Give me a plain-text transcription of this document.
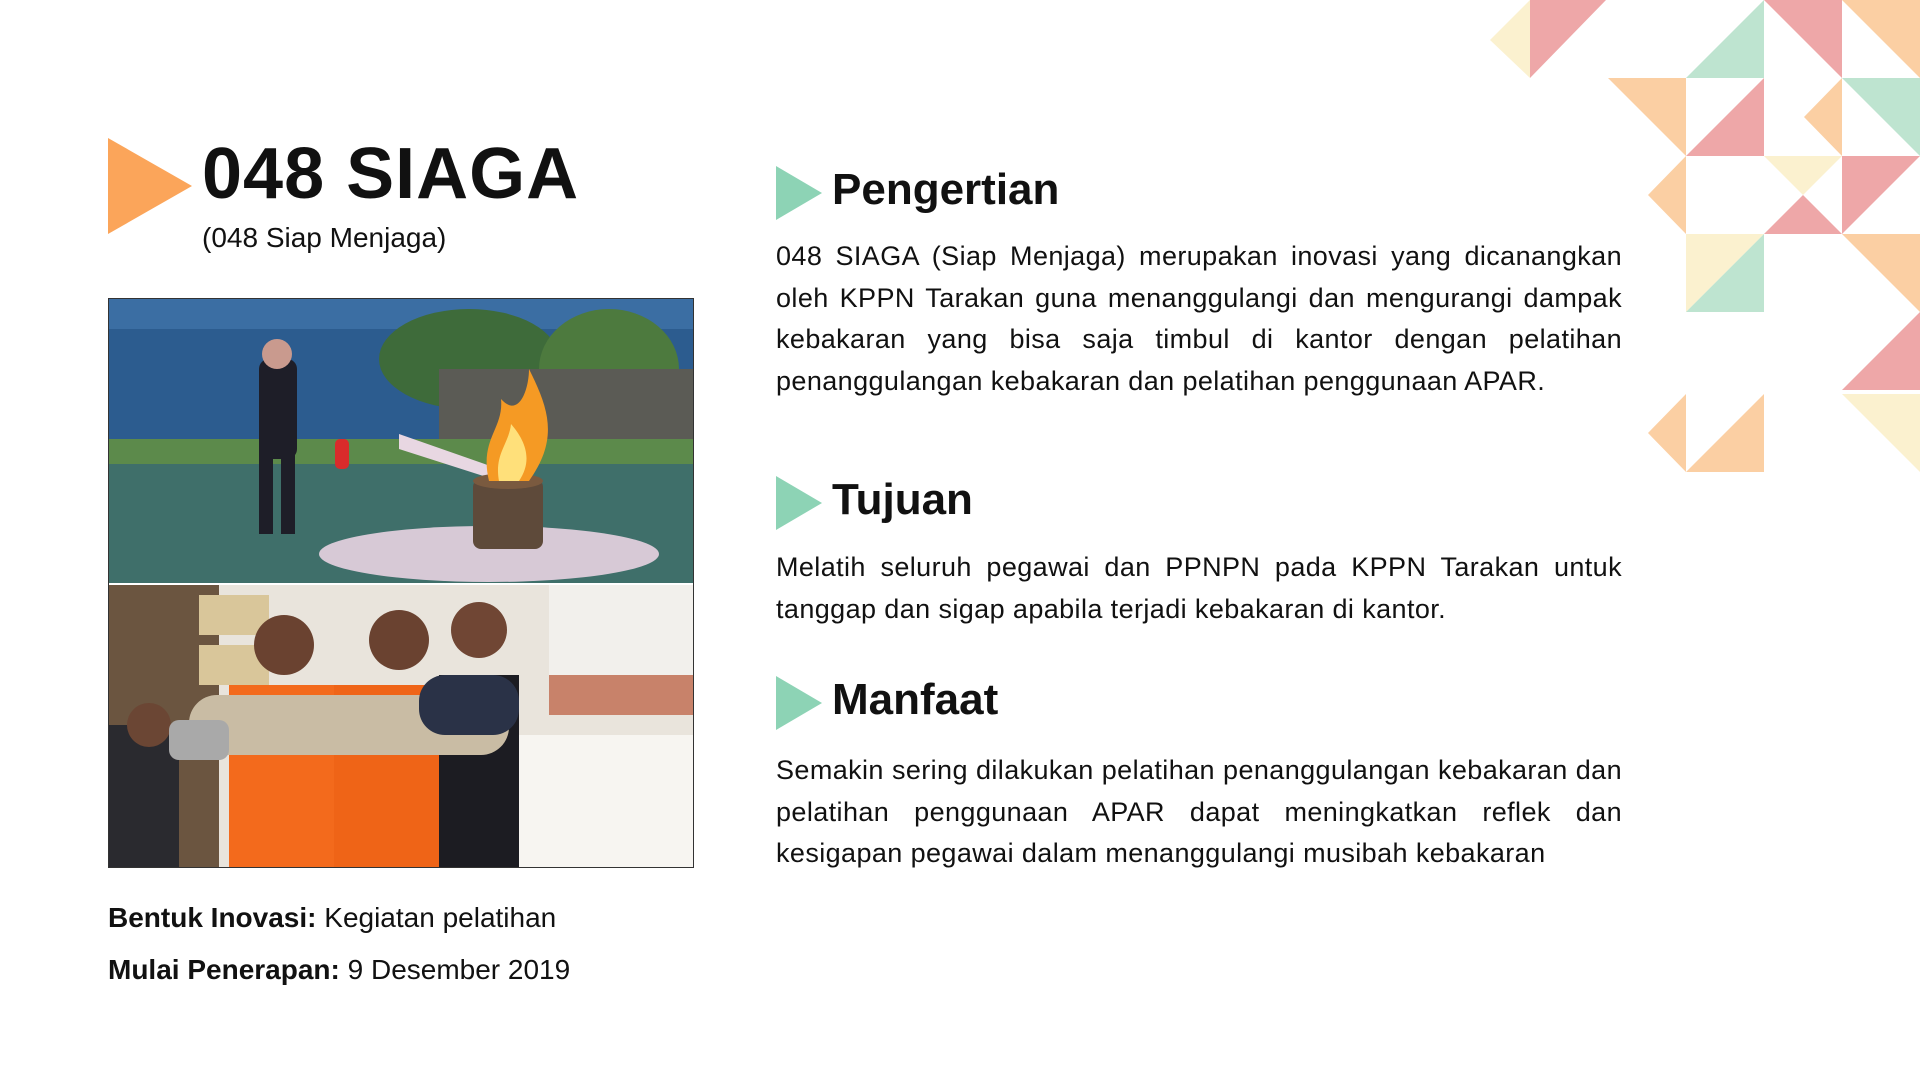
048 SIAGA
(048 Siap Menjaga)
Bentuk Inovasi: Kegiatan pelatihan
Mulai Penerapan: 9 Desember 2019
Pengertian

048 SIAGA (Siap Menjaga) merupakan inovasi yang dicanangkan oleh KPPN Tarakan guna menanggulangi dan mengurangi dampak kebakaran yang bisa saja timbul di kantor dengan pelatihan penanggulangan kebakaran dan pelatihan penggunaan APAR.

Tujuan

Melatih seluruh pegawai dan PPNPN pada KPPN Tarakan untuk tanggap dan sigap apabila terjadi kebakaran di kantor.

Manfaat

Semakin sering dilakukan pelatihan penanggulangan kebakaran dan pelatihan penggunaan APAR dapat meningkatkan reflek dan kesigapan pegawai dalam menanggulangi musibah kebakaran
